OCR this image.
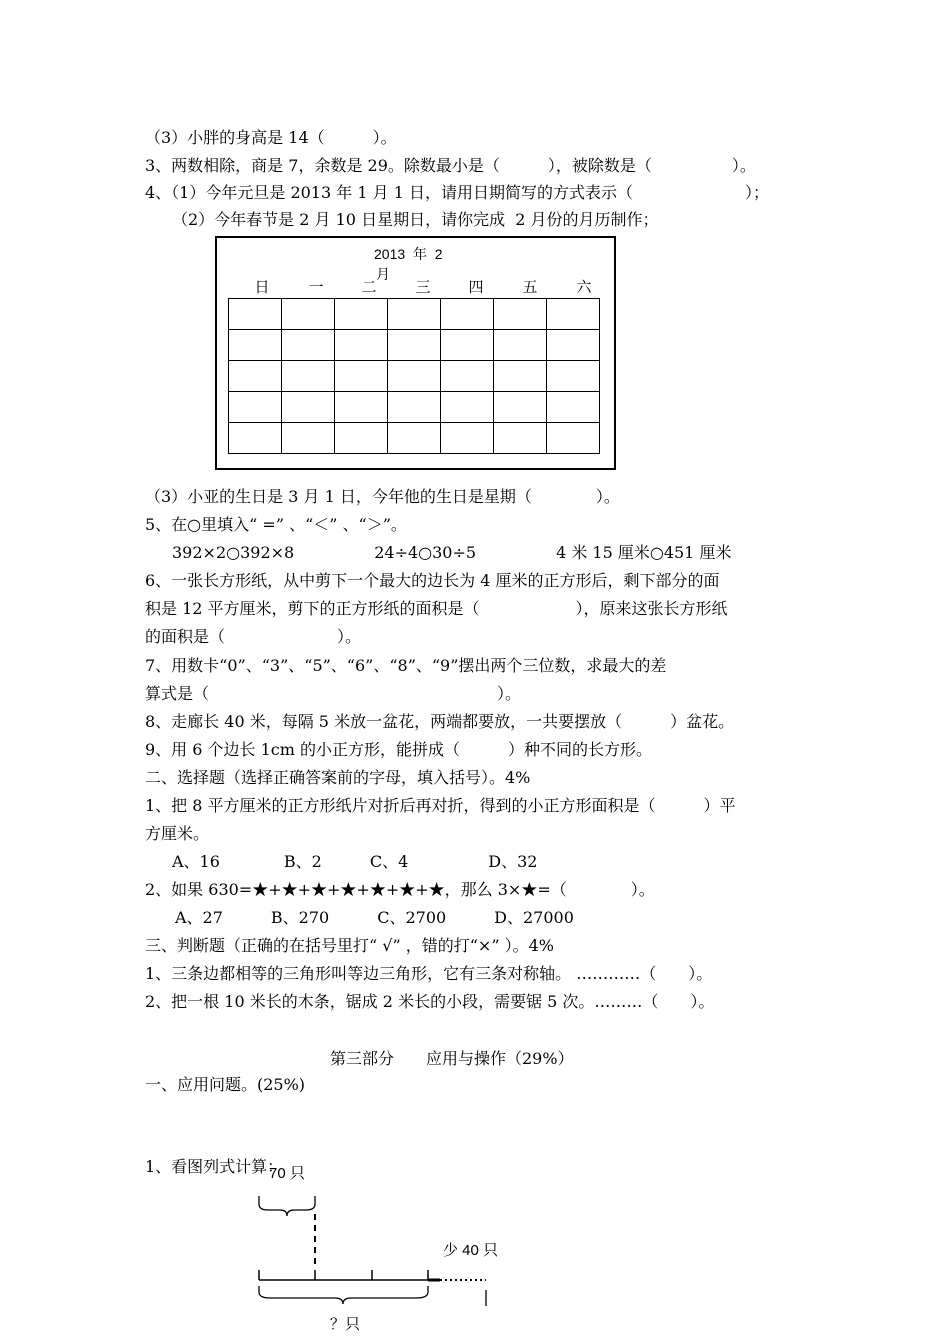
（3）小胖的身高是 14（　　　）。
3、两数相除，商是 7，余数是 29。除数最小是（　　　），被除数是（　　　　　）。
4、（1）今年元旦是 2013 年 1 月 1 日，请用日期简写的方式表示（　　　　　　　）；
（2）今年春节是 2 月 10 日星期日，请你完成  2 月份的月历制作；
2013 年 2
月
日	一	二	三	四	五	六

（3）小亚的生日是 3 月 1 日，今年他的生日是星期（　　　　）。
5、在○里填入“ =” 、“＜” 、“＞”。
392×2○392×8　　　　　24÷4○30÷5　　　　　4 米 15 厘米○451 厘米
6、一张长方形纸，从中剪下一个最大的边长为 4 厘米的正方形后，剩下部分的面
积是 12 平方厘米，剪下的正方形纸的面积是（　　　　　　），原来这张长方形纸
的面积是（　　　　　　　）。
7、用数卡“0”、“3”、“5”、“6”、“8”、“9”摆出两个三位数，求最大的差
算式是（　　　　　　　　　　　　　　　　　　）。
8、走廊长 40 米，每隔 5 米放一盆花，两端都要放，一共要摆放（　　　）盆花。
9、用 6 个边长 1cm 的小正方形，能拼成（　　　）种不同的长方形。
二、选择题（选择正确答案前的字母，填入括号）。4%
1、把 8 平方厘米的正方形纸片对折后再对折，得到的小正方形面积是（　　　）平
方厘米。
A、16　　　　B、2　　　C、4　　　　　D、32
2、如果 630=★+★+★+★+★+★+★，那么 3×★=（　　　　）。
A、27　　　B、270　　　C、2700　　　D、27000
三、判断题（正确的在括号里打“ √” ，错的打“×” ）。4%
1、三条边都相等的三角形叫等边三角形，它有三条对称轴。 …………（　　）。
2、把一根 10 米长的木条，锯成 2 米长的小段，需要锯 5 次。………（　　）。
第三部分　　应用与操作（29%）
一、应用问题。(25%)
1、看图列式计算：
70 只
少 40 只
？只
